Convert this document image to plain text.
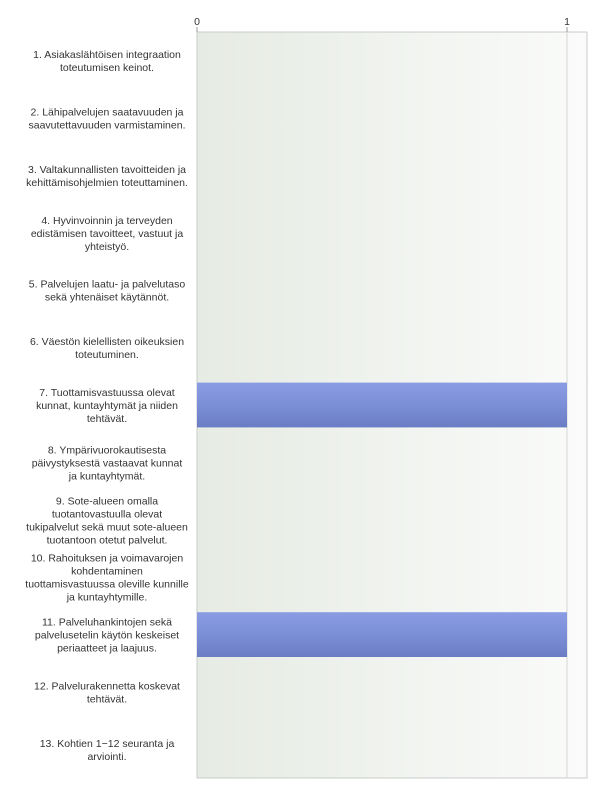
0	1
1. Asiakaslähtöisen integraation toteutumisen keinot.
2. Lähipalvelujen saatavuuden ja saavutettavuuden varmistaminen.
3. Valtakunnallisten tavoitteiden ja kehittämisohjelmien toteuttaminen.
4. Hyvinvoinnin ja terveyden edistämisen tavoitteet, vastuut ja yhteistyö.
5. Palvelujen laatu- ja palvelutaso sekä yhtenäiset käytännöt.
6. Väestön kielellisten oikeuksien toteutuminen.
7. Tuottamisvastuussa olevat kunnat, kuntayhtymät ja niiden tehtävät.
8. Ympärivuorokautisesta päivystyksestä vastaavat kunnat ja kuntayhtymät.
9. Sote-alueen omalla tuotantovastuulla olevat tukipalvelut sekä muut sote-alueen tuotantoon otetut palvelut.
10. Rahoituksen ja voimavarojen kohdentaminen tuottamisvastuussa oleville kunnille ja kuntayhtymille.
11. Palveluhankintojen sekä palvelusetelin käytön keskeiset periaatteet ja laajuus.
12. Palvelurakennetta koskevat tehtävät.
13. Kohtien 1−12 seuranta ja arviointi.
